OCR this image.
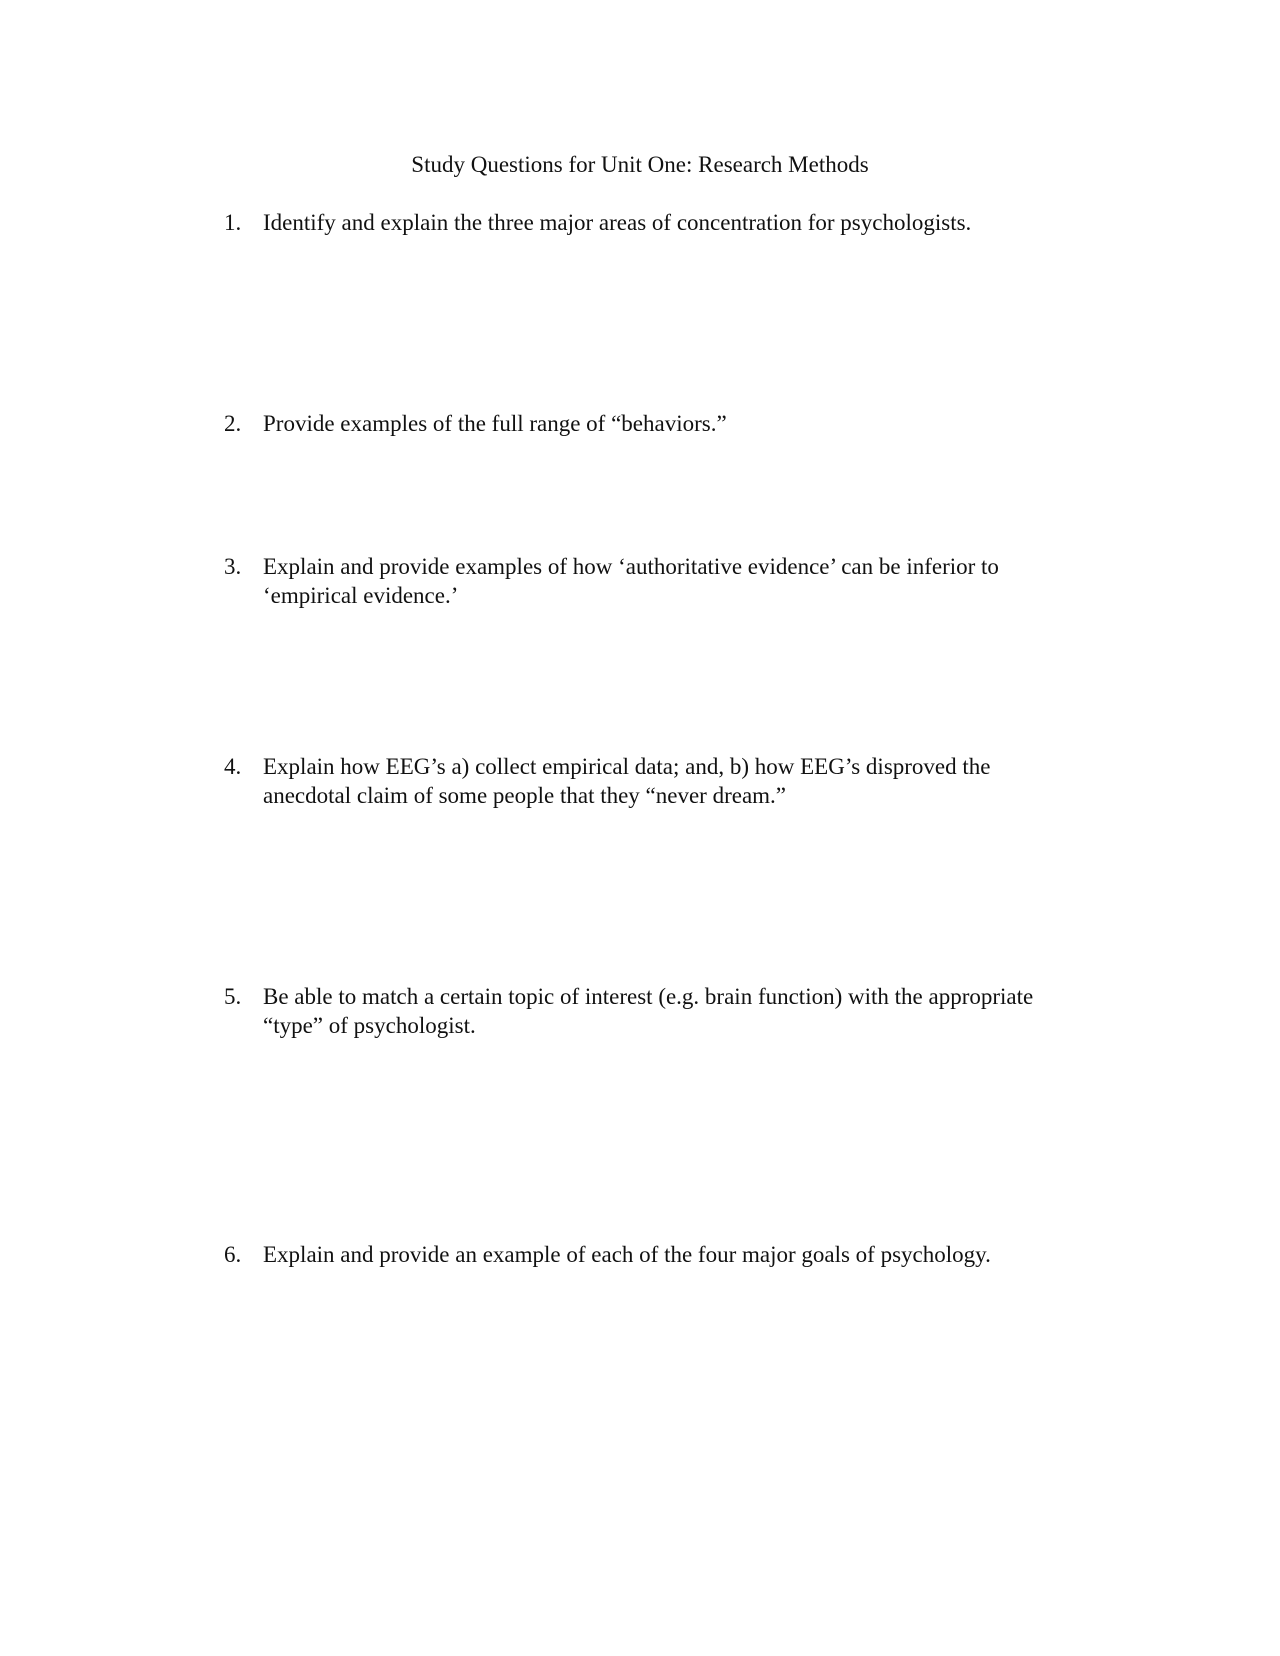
Study Questions for Unit One: Research Methods
1. Identify and explain the three major areas of concentration for psychologists.
2. Provide examples of the full range of “behaviors.”
3. Explain and provide examples of how ‘authoritative evidence’ can be inferior to ‘empirical evidence.’
4. Explain how EEG’s a) collect empirical data; and, b) how EEG’s disproved the anecdotal claim of some people that they “never dream.”
5. Be able to match a certain topic of interest (e.g. brain function) with the appropriate “type” of psychologist.
6. Explain and provide an example of each of the four major goals of psychology.
